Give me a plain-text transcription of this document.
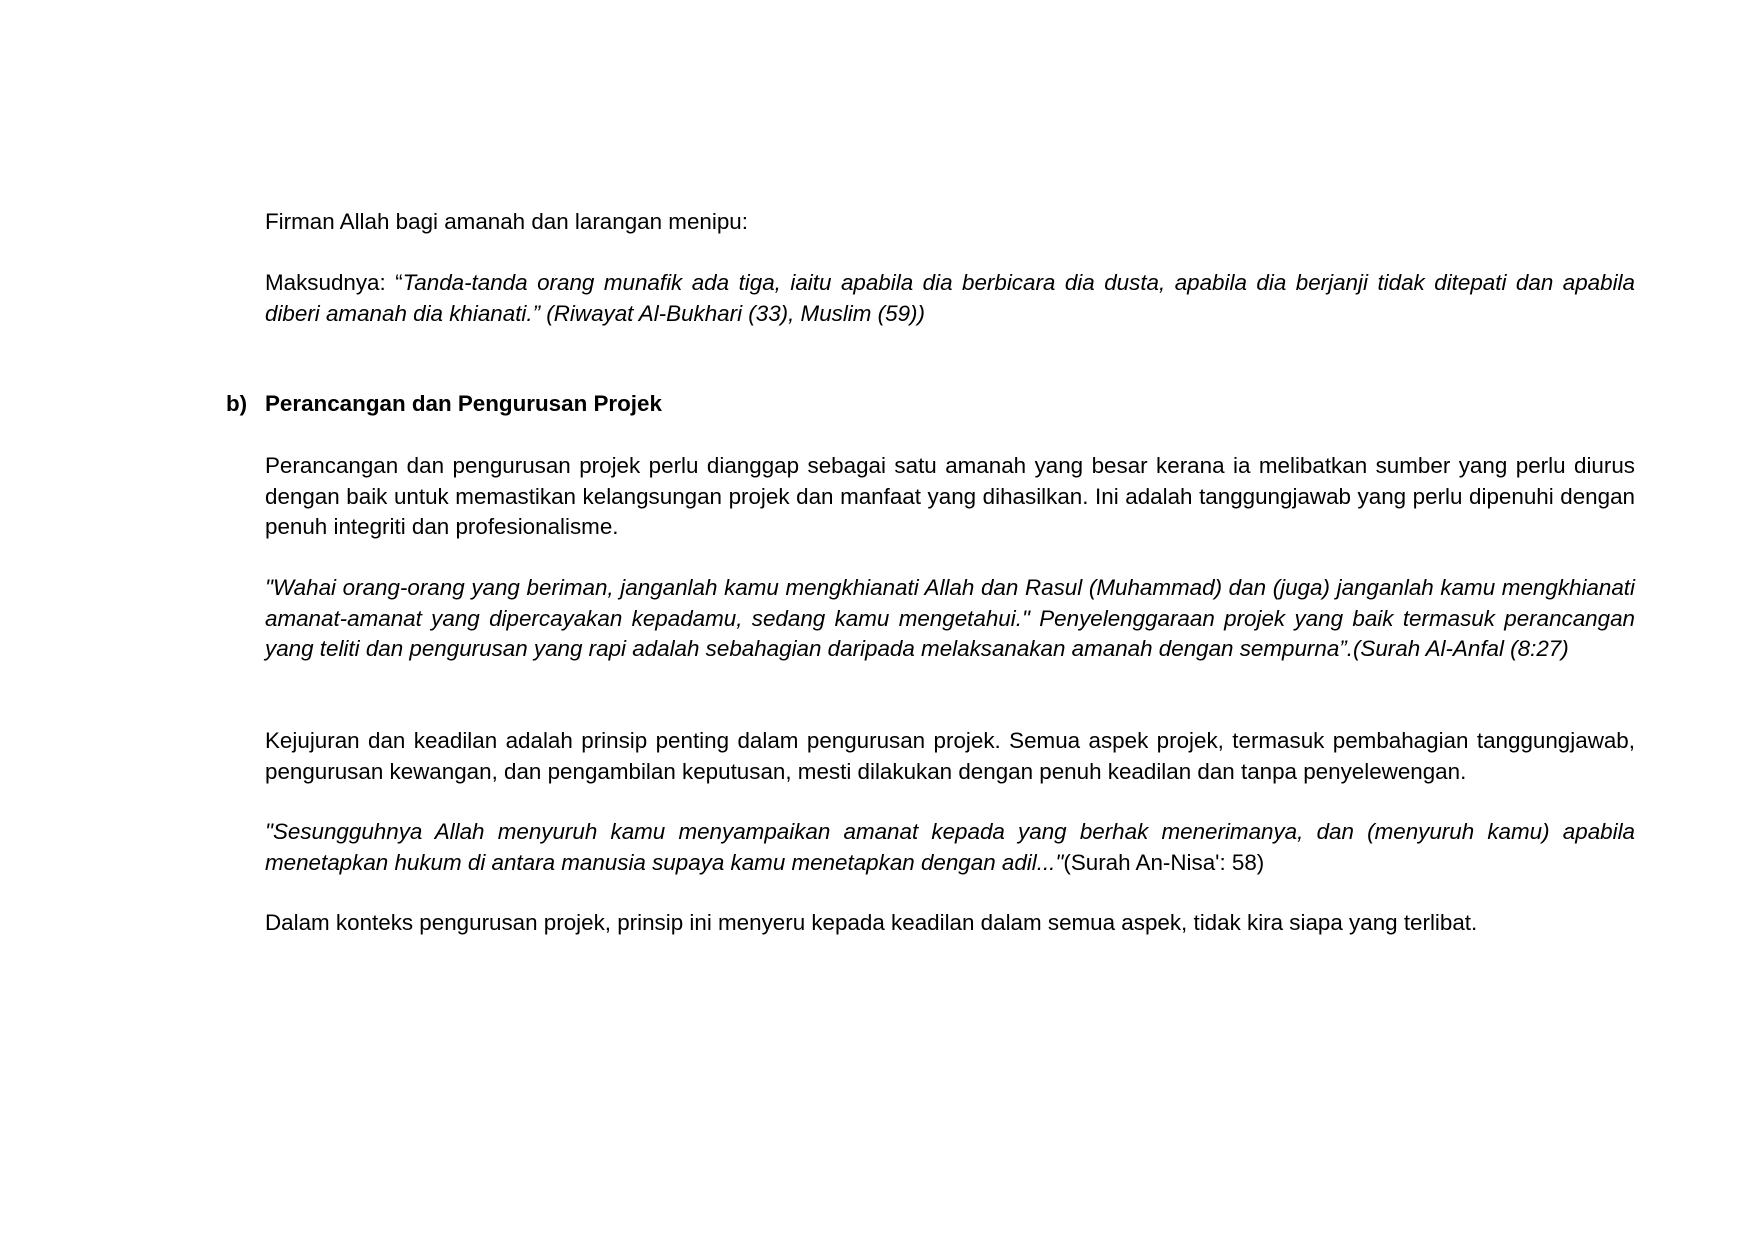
Firman Allah bagi amanah dan larangan menipu:

Maksudnya: “Tanda-tanda orang munafik ada tiga, iaitu apabila dia berbicara dia dusta, apabila dia berjanji tidak ditepati dan apabila diberi amanah dia khianati.” (Riwayat Al-Bukhari (33), Muslim (59))

b) Perancangan dan Pengurusan Projek

Perancangan dan pengurusan projek perlu dianggap sebagai satu amanah yang besar kerana ia melibatkan sumber yang perlu diurus dengan baik untuk memastikan kelangsungan projek dan manfaat yang dihasilkan. Ini adalah tanggungjawab yang perlu dipenuhi dengan penuh integriti dan profesionalisme.

"Wahai orang-orang yang beriman, janganlah kamu mengkhianati Allah dan Rasul (Muhammad) dan (juga) janganlah kamu mengkhianati amanat-amanat yang dipercayakan kepadamu, sedang kamu mengetahui." Penyelenggaraan projek yang baik termasuk perancangan yang teliti dan pengurusan yang rapi adalah sebahagian daripada melaksanakan amanah dengan sempurna”.(Surah Al-Anfal (8:27)

Kejujuran dan keadilan adalah prinsip penting dalam pengurusan projek. Semua aspek projek, termasuk pembahagian tanggungjawab, pengurusan kewangan, dan pengambilan keputusan, mesti dilakukan dengan penuh keadilan dan tanpa penyelewengan.

"Sesungguhnya Allah menyuruh kamu menyampaikan amanat kepada yang berhak menerimanya, dan (menyuruh kamu) apabila menetapkan hukum di antara manusia supaya kamu menetapkan dengan adil..."(Surah An-Nisa': 58)

Dalam konteks pengurusan projek, prinsip ini menyeru kepada keadilan dalam semua aspek, tidak kira siapa yang terlibat.
